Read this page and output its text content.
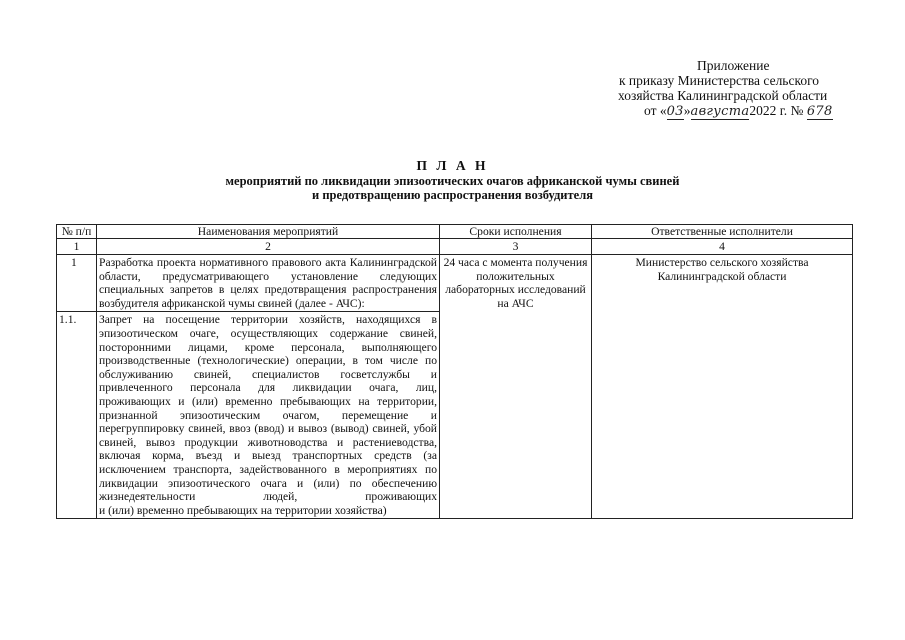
Приложение
к приказу Министерства сельского
хозяйства Калининградской области
от «03»августа2022 г. № 678
П Л А Н
мероприятий по ликвидации эпизоотических очагов африканской чумы свиней
и предотвращению распространения возбудителя
№ п/п	Наименования мероприятий	Сроки исполнения	Ответственные исполнители
1	2	3	4
1	Разработка проекта нормативного правового акта Калининградской области, предусматривающего установление следующих специальных запретов в целях предотвращения распространения возбудителя африканской чумы свиней (далее - АЧС):	24 часа с момента получения положительных лабораторных исследований на АЧС	Министерство сельского хозяйства Калининградской области
1.1.	Запрет на посещение территории хозяйств, находящихся в эпизоотическом очаге, осуществляющих содержание свиней, посторонними лицами, кроме персонала, выполняющего производственные (технологические) операции, в том числе по обслуживанию свиней, специалистов госветслужбы и привлеченного персонала для ликвидации очага, лиц, проживающих и (или) временно пребывающих на территории, признанной эпизоотическим очагом, перемещение и перегруппировку свиней, ввоз (ввод) и вывоз (вывод) свиней, убой свиней, вывоз продукции животноводства и растениеводства, включая корма, въезд и выезд транспортных средств (за исключением транспорта, задействованного в мероприятиях по ликвидации эпизоотического очага и (или) по обеспечению жизнедеятельности людей, проживающих
и (или) временно пребывающих на территории хозяйства)		
